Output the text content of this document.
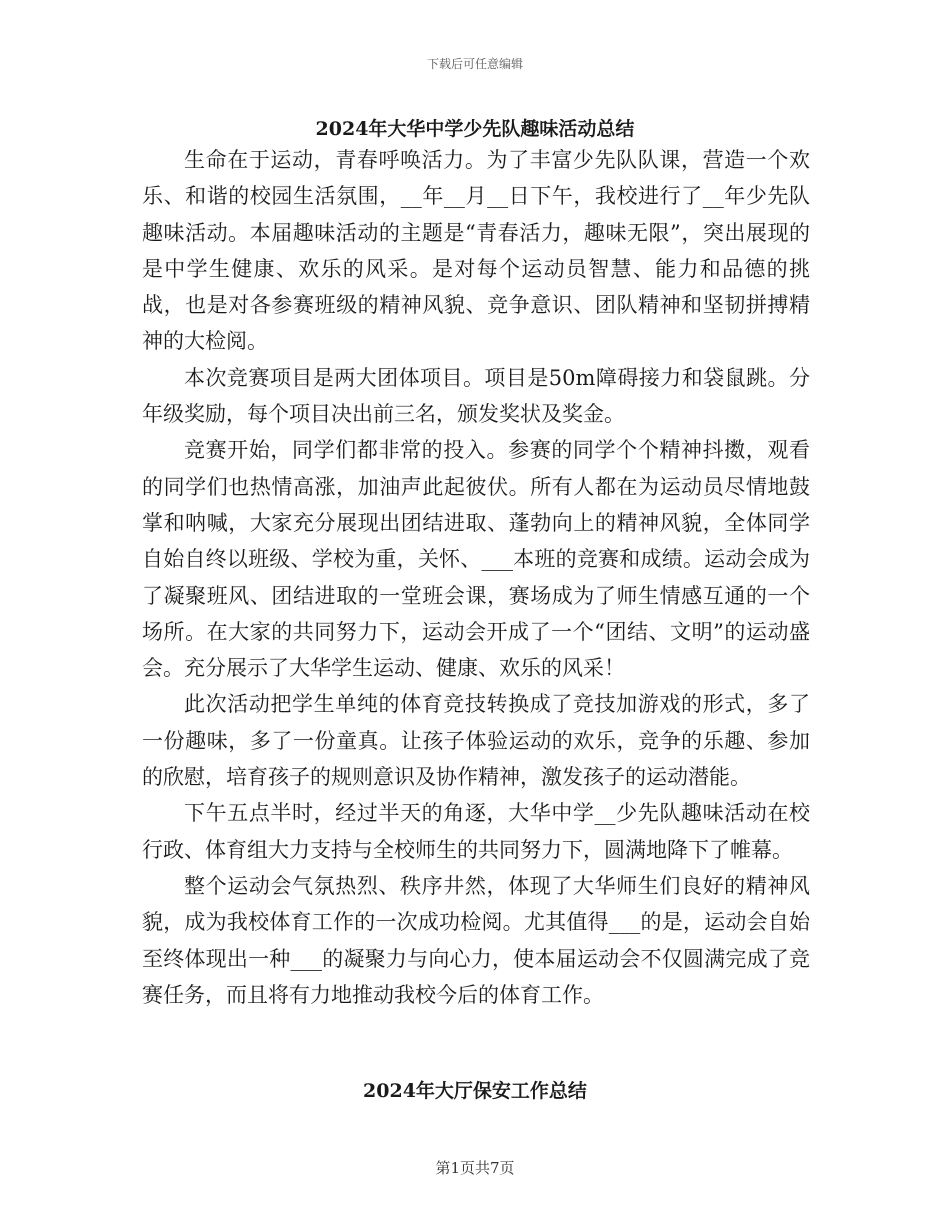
下载后可任意编辑
2024年大华中学少先队趣味活动总结

生命在于运动，青春呼唤活力。为了丰富少先队队课，营造一个欢乐、和谐的校园生活氛围，__年__月__日下午，我校进行了__年少先队趣味活动。本届趣味活动的主题是“青春活力，趣味无限”，突出展现的是中学生健康、欢乐的风采。是对每个运动员智慧、能力和品德的挑战，也是对各参赛班级的精神风貌、竞争意识、团队精神和坚韧拼搏精神的大检阅。

本次竞赛项目是两大团体项目。项目是50m障碍接力和袋鼠跳。分年级奖励，每个项目决出前三名，颁发奖状及奖金。

竞赛开始，同学们都非常的投入。参赛的同学个个精神抖擞，观看的同学们也热情高涨，加油声此起彼伏。所有人都在为运动员尽情地鼓掌和呐喊，大家充分展现出团结进取、蓬勃向上的精神风貌，全体同学自始自终以班级、学校为重，关怀、___本班的竞赛和成绩。运动会成为了凝聚班风、团结进取的一堂班会课，赛场成为了师生情感互通的一个场所。在大家的共同努力下，运动会开成了一个“团结、文明”的运动盛会。充分展示了大华学生运动、健康、欢乐的风采！

此次活动把学生单纯的体育竞技转换成了竞技加游戏的形式，多了一份趣味，多了一份童真。让孩子体验运动的欢乐，竞争的乐趣、参加的欣慰，培育孩子的规则意识及协作精神，激发孩子的运动潜能。

下午五点半时，经过半天的角逐，大华中学__少先队趣味活动在校行政、体育组大力支持与全校师生的共同努力下，圆满地降下了帷幕。

整个运动会气氛热烈、秩序井然，体现了大华师生们良好的精神风貌，成为我校体育工作的一次成功检阅。尤其值得___的是，运动会自始至终体现出一种___的凝聚力与向心力，使本届运动会不仅圆满完成了竞赛任务，而且将有力地推动我校今后的体育工作。

2024年大厅保安工作总结
第1页共7页
